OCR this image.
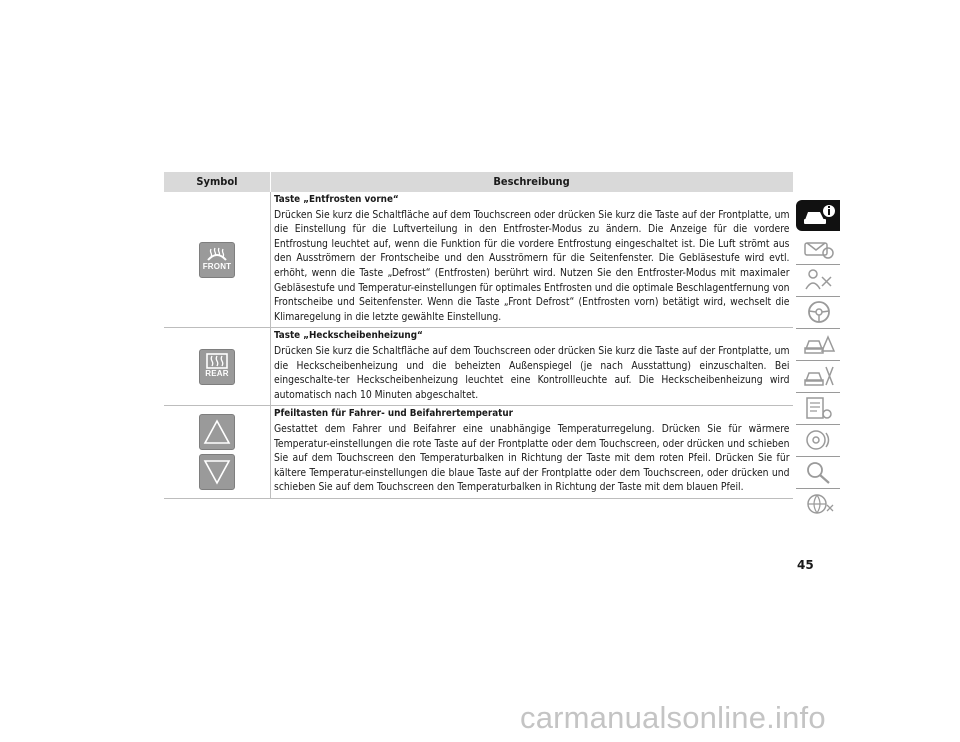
Symbol	Beschreibung

FRONT	Taste „Entfrosten vorne“
Drücken Sie kurz die Schaltfläche auf dem Touchscreen oder drücken Sie kurz die Taste auf der Frontplatte, um die Einstellung für die Luftverteilung in den Entfroster-Modus zu ändern. Die Anzeige für die vordere Entfrostung leuchtet auf, wenn die Funktion für die vordere Entfrostung eingeschaltet ist. Die Luft strömt aus den Ausströmern der Frontscheibe und den Ausströmern für die Seitenfenster. Die Gebläsestufe wird evtl. erhöht, wenn die Taste „Defrost“ (Entfrosten) berührt wird. Nutzen Sie den Entfroster-Modus mit maximaler Gebläsestufe und Temperatur-einstellungen für optimales Entfrosten und die optimale Beschlagentfernung von Frontscheibe und Seitenfenster. Wenn die Taste „Front Defrost“ (Entfrosten vorn) betätigt wird, wechselt die Klimaregelung in die letzte gewählte Einstellung.

REAR	Taste „Heckscheibenheizung“
Drücken Sie kurz die Schaltfläche auf dem Touchscreen oder drücken Sie kurz die Taste auf der Frontplatte, um die Heckscheibenheizung und die beheizten Außenspiegel (je nach Ausstattung) einzuschalten. Bei eingeschalte-ter Heckscheibenheizung leuchtet eine Kontrollleuchte auf. Die Heckscheibenheizung wird automatisch nach 10 Minuten abgeschaltet.

Pfeiltasten für Fahrer- und Beifahrertemperatur
Gestattet dem Fahrer und Beifahrer eine unabhängige Temperaturregelung. Drücken Sie für wärmere Temperatur-einstellungen die rote Taste auf der Frontplatte oder dem Touchscreen, oder drücken und schieben Sie auf dem Touchscreen den Temperaturbalken in Richtung der Taste mit dem roten Pfeil. Drücken Sie für kältere Temperatur-einstellungen die blaue Taste auf der Frontplatte oder dem Touchscreen, oder drücken und schieben Sie auf dem Touchscreen den Temperaturbalken in Richtung der Taste mit dem blauen Pfeil.
45
carmanualsonline.info
